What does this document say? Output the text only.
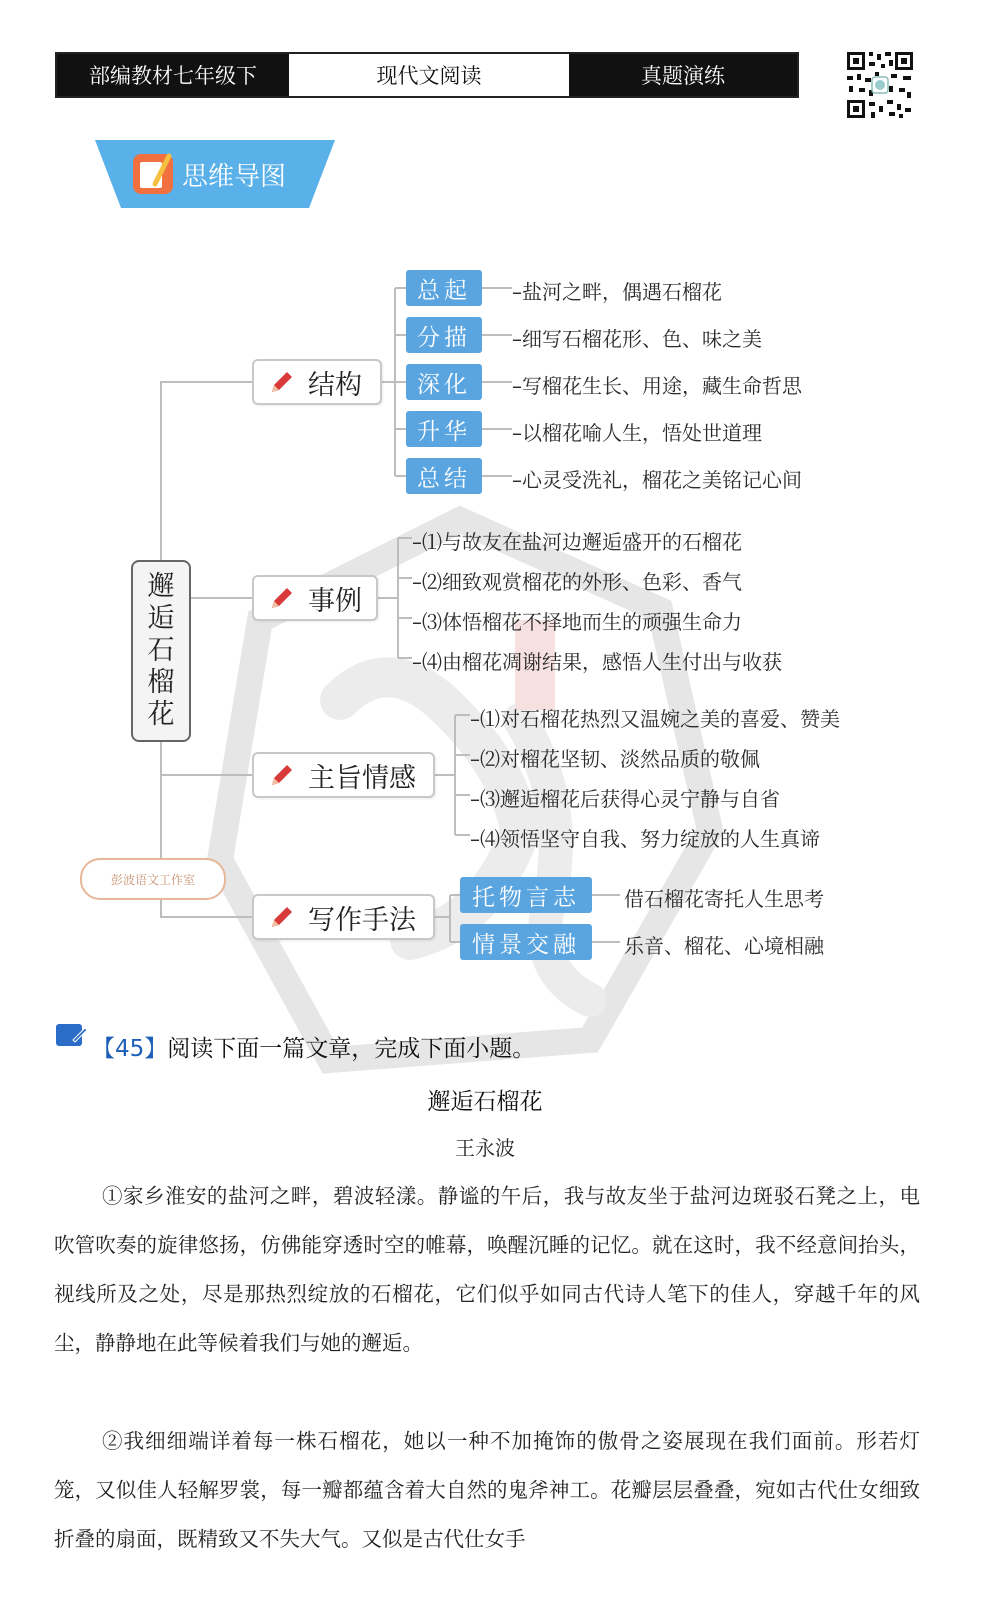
部编教材七年级下	现代文阅读	真题演练
思维导图
邂逅石榴花
结构
总起
分描
深化
升华
总结
–盐河之畔，偶遇石榴花
–细写石榴花形、色、味之美
–写榴花生长、用途，藏生命哲思
–以榴花喻人生，悟处世道理
–心灵受洗礼，榴花之美铭记心间
事例
–⑴与故友在盐河边邂逅盛开的石榴花
–⑵细致观赏榴花的外形、色彩、香气
–⑶体悟榴花不择地而生的顽强生命力
–⑷由榴花凋谢结果，感悟人生付出与收获
主旨情感
–⑴对石榴花热烈又温婉之美的喜爱、赞美
–⑵对榴花坚韧、淡然品质的敬佩
–⑶邂逅榴花后获得心灵宁静与自省
–⑷领悟坚守自我、努力绽放的人生真谛
彭波语文工作室
写作手法
托物言志
情景交融
借石榴花寄托人生思考
乐音、榴花、心境相融
【45】阅读下面一篇文章，完成下面小题。
邂逅石榴花
王永波
①家乡淮安的盐河之畔，碧波轻漾。静谧的午后，我与故友坐于盐河边斑驳石凳之上，电吹管吹奏的旋律悠扬，仿佛能穿透时空的帷幕，唤醒沉睡的记忆。就在这时，我不经意间抬头，视线所及之处，尽是那热烈绽放的石榴花，它们似乎如同古代诗人笔下的佳人，穿越千年的风尘，静静地在此等候着我们与她的邂逅。
②我细细端详着每一株石榴花，她以一种不加掩饰的傲骨之姿展现在我们面前。形若灯笼，又似佳人轻解罗裳，每一瓣都蕴含着大自然的鬼斧神工。花瓣层层叠叠，宛如古代仕女细致折叠的扇面，既精致又不失大气。又似是古代仕女手
